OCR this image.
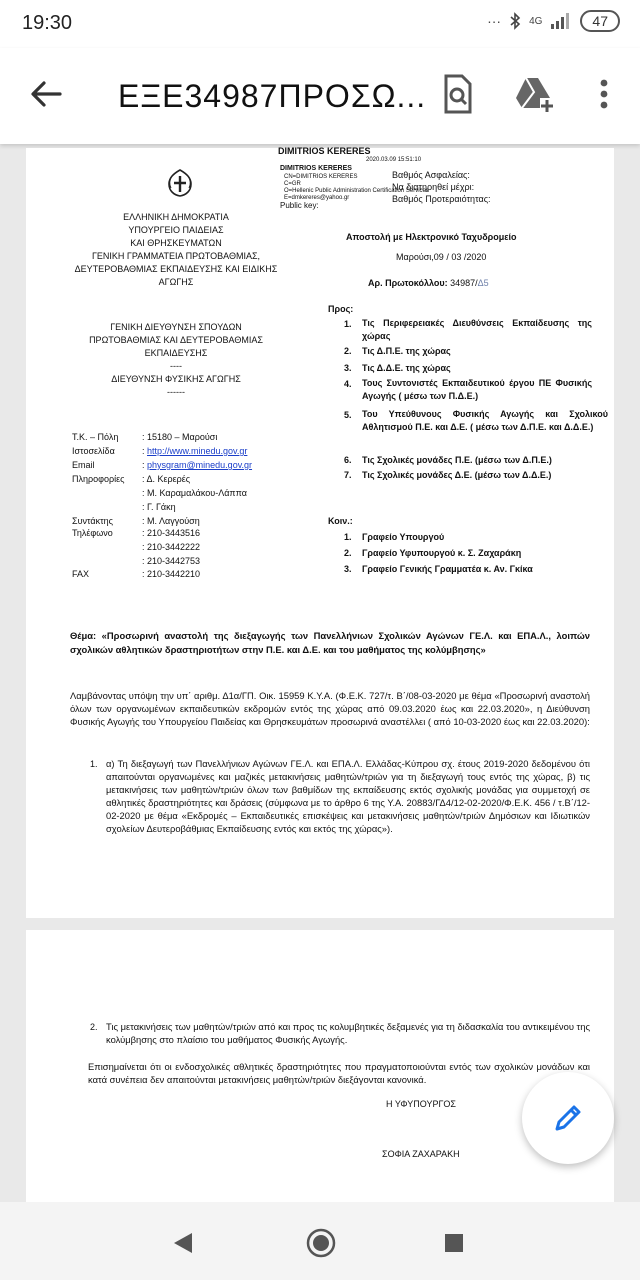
19:30	···	4G	47
ΕΞΕ34987ΠΡΟΣΩ...
DIMITRIOS KERERES
2020.03.09 15:51:10
DIMITRIOS KERERES
CN=DIMITRIOS KERERES
C=GR
O=Hellenic Public Administration Certification Services
E=dmkereres@yahoo.gr
Public key:
Βαθμός Ασφαλείας:
Να διατηρηθεί μέχρι:
Βαθμός Προτεραιότητας:
ΕΛΛΗΝΙΚΗ ΔΗΜΟΚΡΑΤΙΑ
ΥΠΟΥΡΓΕΙΟ ΠΑΙΔΕΙΑΣ
ΚΑΙ ΘΡΗΣΚΕΥΜΑΤΩΝ
ΓΕΝΙΚΗ ΓΡΑΜΜΑΤΕΙΑ ΠΡΩΤΟΒΑΘΜΙΑΣ,
ΔΕΥΤΕΡΟΒΑΘΜΙΑΣ ΕΚΠΑΙΔΕΥΣΗΣ ΚΑΙ ΕΙΔΙΚΗΣ
ΑΓΩΓΗΣ
ΓΕΝΙΚΗ ΔΙΕΥΘΥΝΣΗ ΣΠΟΥΔΩΝ
ΠΡΩΤΟΒΑΘΜΙΑΣ ΚΑΙ ΔΕΥΤΕΡΟΒΑΘΜΙΑΣ
ΕΚΠΑΙΔΕΥΣΗΣ
----
ΔΙΕΥΘΥΝΣΗ ΦΥΣΙΚΗΣ ΑΓΩΓΗΣ
------
Αποστολή με Ηλεκτρονικό Ταχυδρομείο
Μαρούσι,09 / 03 /2020
Αρ. Πρωτοκόλλου: 34987/Δ5
Τ.Κ. – Πόλη	: 15180 – Μαρούσι
Ιστοσελίδα	: http://www.minedu.gov.gr
Email	: physgram@minedu.gov.gr
Πληροφορίες : Δ. Κερερές
: Μ. Καραμαλάκου-Λάππα
: Γ. Γάκη
Συντάκτης	: Μ. Λαγγούση
Τηλέφωνο	: 210-3443516
: 210-3442222
: 210-3442753
FAX	: 210-3442210
Προς:
1. Τις Περιφερειακές Διευθύνσεις Εκπαίδευσης της χώρας
2. Τις Δ.Π.Ε. της χώρας
3. Τις Δ.Δ.Ε. της χώρας
4. Τους Συντονιστές Εκπαιδευτικού έργου ΠΕ Φυσικής Αγωγής ( μέσω των Π.Δ.Ε.)
5. Του Υπεύθυνους Φυσικής Αγωγής και Σχολικού Αθλητισμού Π.Ε. και Δ.Ε. ( μέσω των Δ.Π.Ε. και Δ.Δ.Ε.)
6. Τις Σχολικές μονάδες Π.Ε. (μέσω των Δ.Π.Ε.)
7. Τις Σχολικές μονάδες Δ.Ε. (μέσω των Δ.Δ.Ε.)
Κοιν.:
1. Γραφείο Υπουργού
2. Γραφείο Υφυπουργού κ. Σ. Ζαχαράκη
3. Γραφείο Γενικής Γραμματέα κ. Αν. Γκίκα
Θέμα: «Προσωρινή αναστολή της διεξαγωγής των Πανελλήνιων Σχολικών Αγώνων ΓΕ.Λ. και ΕΠΑ.Λ., λοιπών σχολικών αθλητικών δραστηριοτήτων στην Π.Ε. και Δ.Ε. και του μαθήματος της κολύμβησης»
Λαμβάνοντας υπόψη την υπ΄ αριθμ. Δ1α/ΓΠ. Οικ. 15959 Κ.Υ.Α. (Φ.Ε.Κ. 727/τ. Β΄/08-03-2020 με θέμα «Προσωρινή αναστολή όλων των οργανωμένων εκπαιδευτικών εκδρομών εντός της χώρας από 09.03.2020 έως και 22.03.2020», η Διεύθυνση Φυσικής Αγωγής του Υπουργείου Παιδείας και Θρησκευμάτων προσωρινά αναστέλλει ( από 10-03-2020 έως και 22.03.2020):
1. α) Τη διεξαγωγή των Πανελλήνιων Αγώνων ΓΕ.Λ. και ΕΠΑ.Λ. Ελλάδας-Κύπρου σχ. έτους 2019-2020 δεδομένου ότι απαιτούνται οργανωμένες και μαζικές μετακινήσεις μαθητών/τριών για τη διεξαγωγή τους εντός της χώρας, β) τις μετακινήσεις των μαθητών/τριών όλων των βαθμίδων της εκπαίδευσης εκτός σχολικής μονάδας για συμμετοχή σε αθλητικές δραστηριότητες και δράσεις (σύμφωνα με το άρθρο 6 της Υ.Α. 20883/ΓΔ4/12-02-2020/Φ.Ε.Κ. 456 / τ.Β΄/12-02-2020 με θέμα «Εκδρομές – Εκπαιδευτικές επισκέψεις και μετακινήσεις μαθητών/τριών Δημόσιων και Ιδιωτικών σχολείων Δευτεροβάθμιας Εκπαίδευσης εντός και εκτός της χώρας»).
2. Τις μετακινήσεις των μαθητών/τριών από και προς τις κολυμβητικές δεξαμενές για τη διδασκαλία του αντικειμένου της κολύμβησης στο πλαίσιο του μαθήματος Φυσικής Αγωγής.
Επισημαίνεται ότι οι ενδοσχολικές αθλητικές δραστηριότητες που πραγματοποιούνται εντός των σχολικών μονάδων και κατά συνέπεια δεν απαιτούνται μετακινήσεις μαθητών/τριών διεξάγονται κανονικά.
Η ΥΦΥΠΟΥΡΓΟΣ
ΣΟΦΙΑ ΖΑΧΑΡΑΚΗ
